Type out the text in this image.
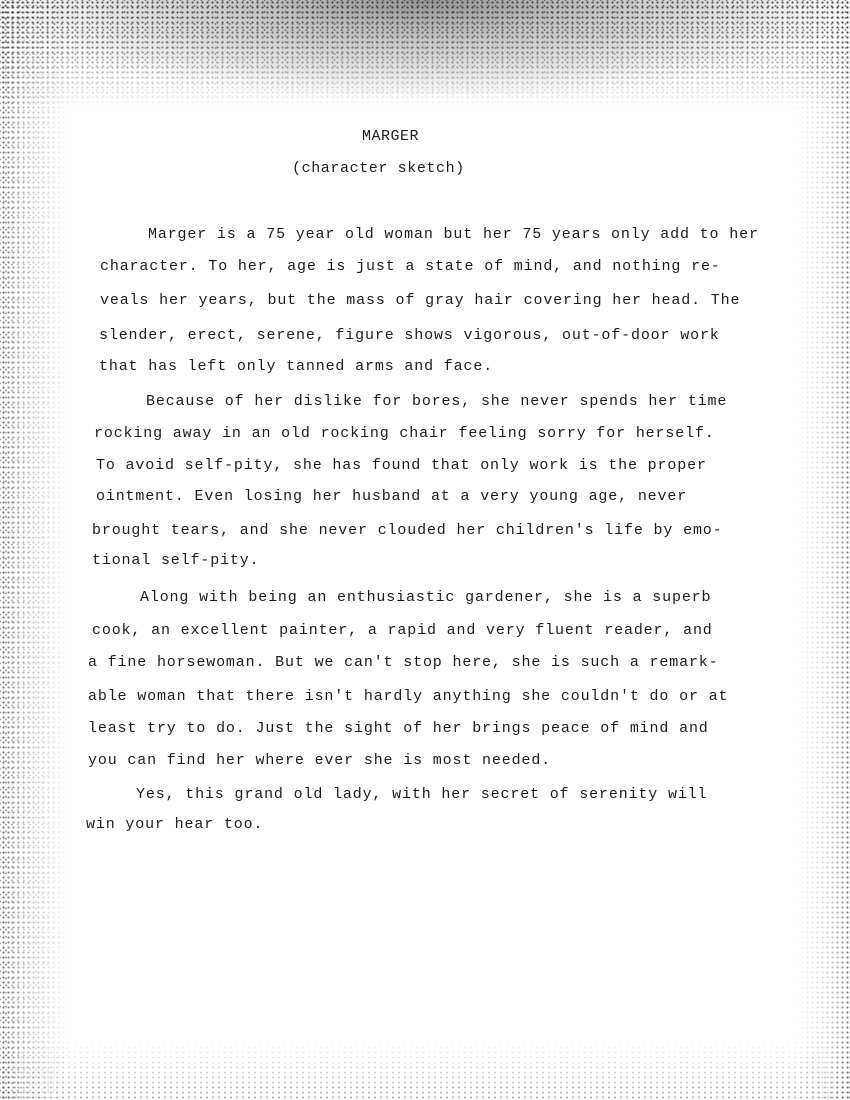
MARGER
(character sketch)
Marger is a 75 year old woman but her 75 years only add to her
character. To her, age is just a state of mind, and nothing re-
veals her years, but the mass of gray hair covering her head. The
slender, erect, serene, figure shows vigorous, out-of-door work
that has left only tanned arms and face.
Because of her dislike for bores, she never spends her time
rocking away in an old rocking chair feeling sorry for herself.
To avoid self-pity, she has found that only work is the proper
ointment. Even losing her husband at a very young age, never
brought tears, and she never clouded her children's life by emo-
tional self-pity.
Along with being an enthusiastic gardener, she is a superb
cook, an excellent painter, a rapid and very fluent reader, and
a fine horsewoman. But we can't stop here, she is such a remark-
able woman that there isn't hardly anything she couldn't do or at
least try to do. Just the sight of her brings peace of mind and
you can find her where ever she is most needed.
Yes, this grand old lady, with her secret of serenity will
win your hear too.
